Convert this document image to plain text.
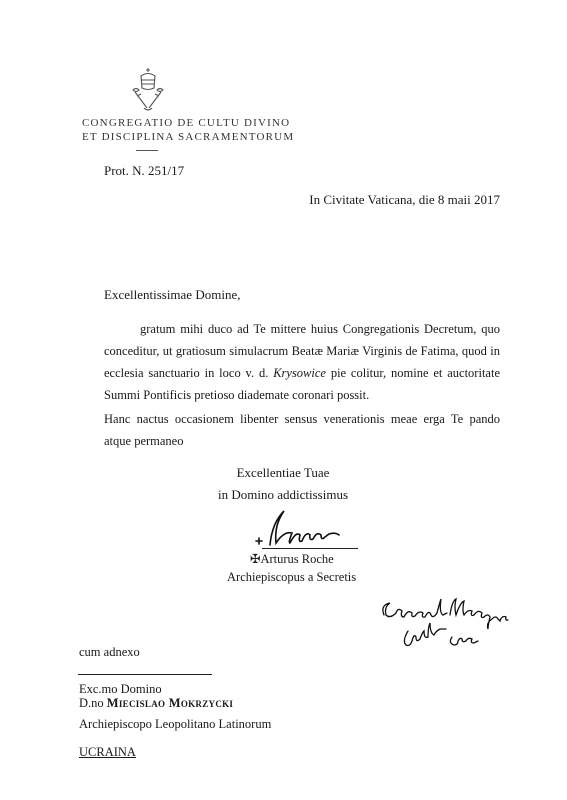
CONGREGATIO DE CULTU DIVINO
ET DISCIPLINA SACRAMENTORUM
Prot. N. 251/17
In Civitate Vaticana, die 8 maii 2017
Excellentissimae Domine,
gratum mihi duco ad Te mittere huius Congregationis Decretum, quo conceditur, ut gratiosum simulacrum Beatæ Mariæ Virginis de Fatima, quod in ecclesia sanctuario in loco v. d. Krysowice pie colitur, nomine et auctoritate Summi Pontificis pretioso diademate coronari possit.
Hanc nactus occasionem libenter sensus venerationis meae erga Te pando atque permaneo
Excellentiae Tuae
in Domino addictissimus
✠Arturus Roche
Archiepiscopus a Secretis
cum adnexo
Exc.mo Domino
D.no Miecislao Mokrzycki
Archiepiscopo Leopolitano Latinorum
UCRAINA
